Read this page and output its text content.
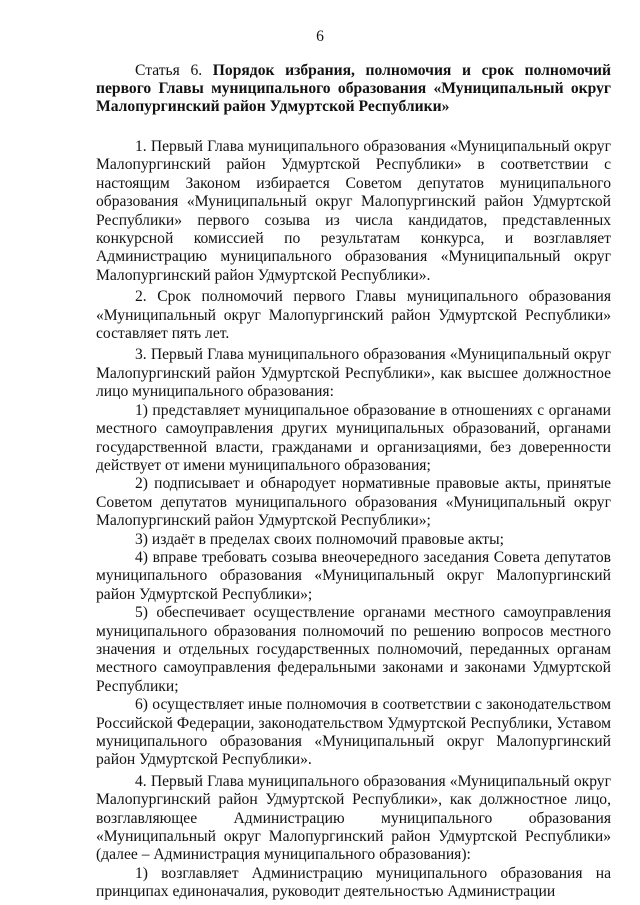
6
Статья 6. Порядок избрания, полномочия и срок полномочий первого Главы муниципального образования «Муниципальный округ Малопургинский район Удмуртской Республики»

1. Первый Глава муниципального образования «Муниципальный округ Малопургинский район Удмуртской Республики» в соответствии с настоящим Законом избирается Советом депутатов муниципального образования «Муниципальный округ Малопургинский район Удмуртской Республики» первого созыва из числа кандидатов, представленных конкурсной комиссией по результатам конкурса, и возглавляет Администрацию муниципального образования «Муниципальный округ Малопургинский район Удмуртской Республики».

2. Срок полномочий первого Главы муниципального образования «Муниципальный округ Малопургинский район Удмуртской Республики» составляет пять лет.

3. Первый Глава муниципального образования «Муниципальный округ Малопургинский район Удмуртской Республики», как высшее должностное лицо муниципального образования:

1) представляет муниципальное образование в отношениях с органами местного самоуправления других муниципальных образований, органами государственной власти, гражданами и организациями, без доверенности действует от имени муниципального образования;

2) подписывает и обнародует нормативные правовые акты, принятые Советом депутатов муниципального образования «Муниципальный округ Малопургинский район Удмуртской Республики»;

3) издаёт в пределах своих полномочий правовые акты;

4) вправе требовать созыва внеочередного заседания Совета депутатов муниципального образования «Муниципальный округ Малопургинский район Удмуртской Республики»;

5) обеспечивает осуществление органами местного самоуправления муниципального образования полномочий по решению вопросов местного значения и отдельных государственных полномочий, переданных органам местного самоуправления федеральными законами и законами Удмуртской Республики;

6) осуществляет иные полномочия в соответствии с законодательством Российской Федерации, законодательством Удмуртской Республики, Уставом муниципального образования «Муниципальный округ Малопургинский район Удмуртской Республики».

4. Первый Глава муниципального образования «Муниципальный округ Малопургинский район Удмуртской Республики», как должностное лицо, возглавляющее Администрацию муниципального образования «Муниципальный округ Малопургинский район Удмуртской Республики» (далее – Администрация муниципального образования):

1) возглавляет Администрацию муниципального образования на принципах единоначалия, руководит деятельностью Администрации
